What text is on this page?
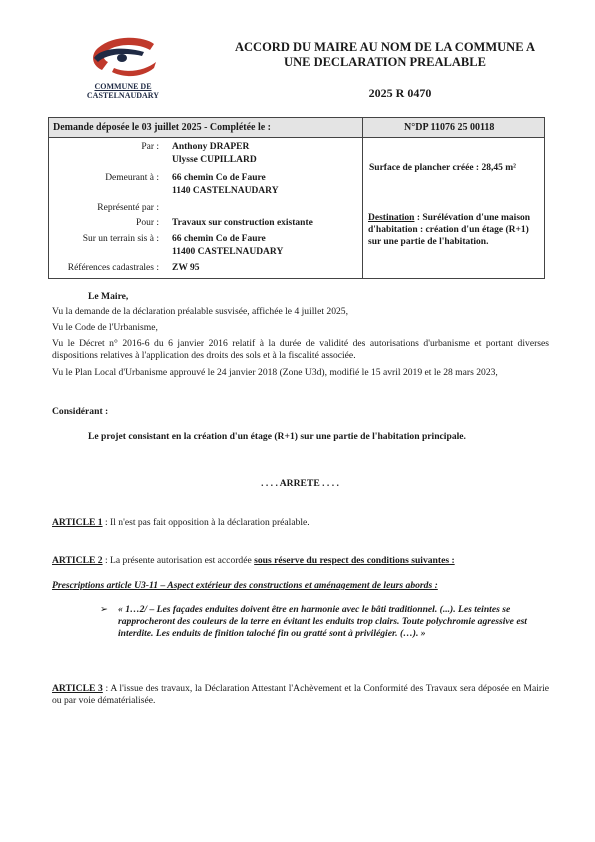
COMMUNE DE
CASTELNAUDARY
ACCORD DU MAIRE AU NOM DE LA COMMUNE A
UNE DECLARATION PREALABLE
2025 R 0470
Demande déposée le 03 juillet 2025 - Complétée le :	N°DP 11076 25 00118
Par : Anthony DRAPER
Ulysse CUPILLARD
Demeurant à : 66 chemin Co de Faure
1140 CASTELNAUDARY
Représenté par :
Pour : Travaux sur construction existante
Sur un terrain sis à : 66 chemin Co de Faure
11400 CASTELNAUDARY
Références cadastrales : ZW 95
Surface de plancher créée : 28,45 m²
Destination : Surélévation d'une maison d'habitation : création d'un étage (R+1) sur une partie de l'habitation.
Le Maire,
Vu la demande de la déclaration préalable susvisée, affichée le 4 juillet 2025,
Vu le Code de l'Urbanisme,
Vu le Décret n° 2016-6 du 6 janvier 2016 relatif à la durée de validité des autorisations d'urbanisme et portant diverses dispositions relatives à l'application des droits des sols et à la fiscalité associée.
Vu le Plan Local d'Urbanisme approuvé le 24 janvier 2018 (Zone U3d), modifié le 15 avril 2019 et le 28 mars 2023,
Considérant :
Le projet consistant en la création d'un étage (R+1) sur une partie de l'habitation principale.
. . . . ARRETE . . . .
ARTICLE 1 : Il n'est pas fait opposition à la déclaration préalable.
ARTICLE 2 : La présente autorisation est accordée sous réserve du respect des conditions suivantes :
Prescriptions article U3-11 – Aspect extérieur des constructions et aménagement de leurs abords :
➢	« 1…2/ – Les façades enduites doivent être en harmonie avec le bâti traditionnel. (...). Les teintes se rapprocheront des couleurs de la terre en évitant les enduits trop clairs. Toute polychromie agressive est interdite. Les enduits de finition taloché fin ou gratté sont à privilégier. (…). »
ARTICLE 3 : A l'issue des travaux, la Déclaration Attestant l'Achèvement et la Conformité des Travaux sera déposée en Mairie ou par voie dématérialisée.
